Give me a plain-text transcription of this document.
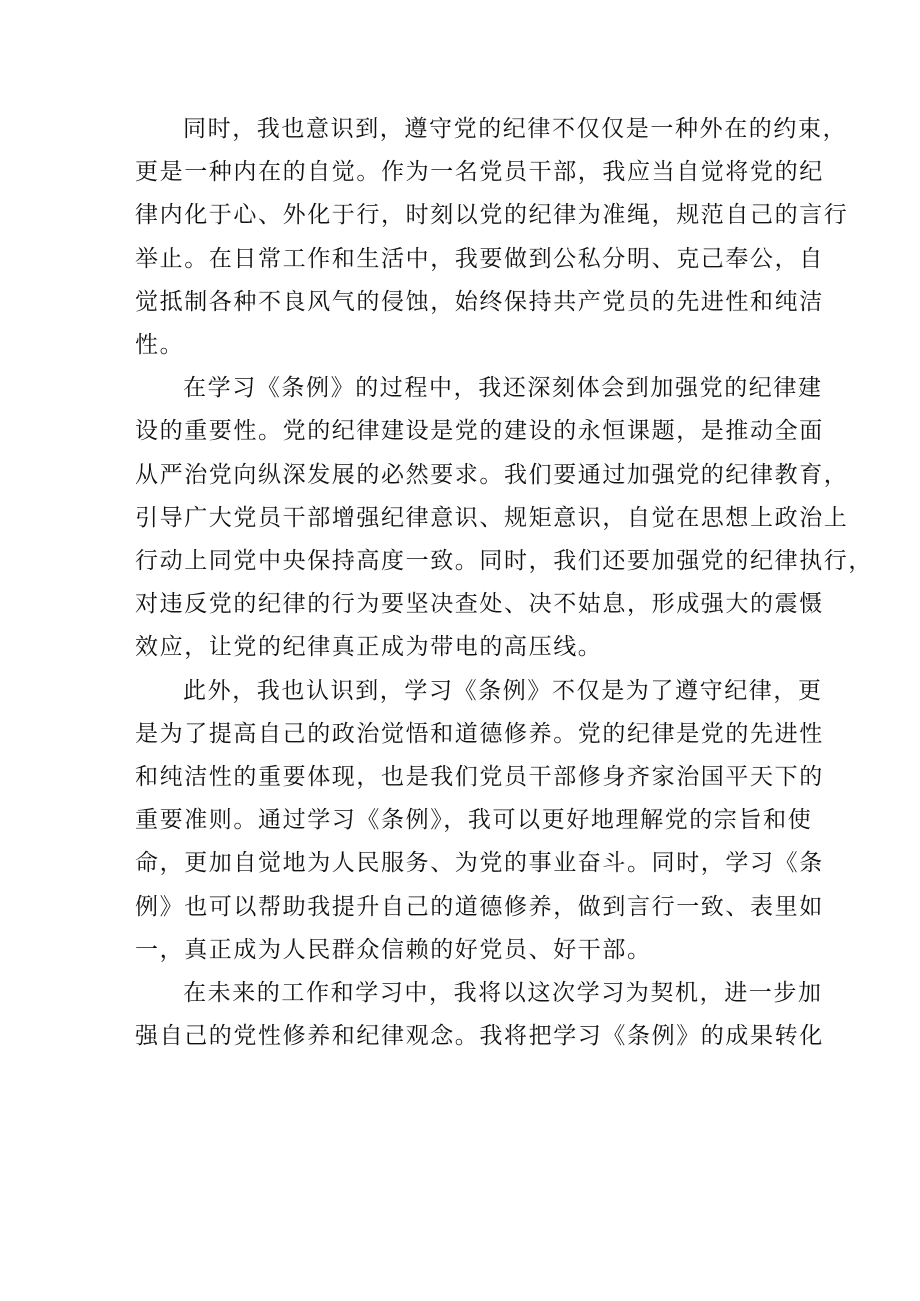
同时，我也意识到，遵守党的纪律不仅仅是一种外在的约束，
更是一种内在的自觉。作为一名党员干部，我应当自觉将党的纪
律内化于心、外化于行，时刻以党的纪律为准绳，规范自己的言行
举止。在日常工作和生活中，我要做到公私分明、克己奉公，自
觉抵制各种不良风气的侵蚀，始终保持共产党员的先进性和纯洁
性。
在学习《条例》的过程中，我还深刻体会到加强党的纪律建
设的重要性。党的纪律建设是党的建设的永恒课题，是推动全面
从严治党向纵深发展的必然要求。我们要通过加强党的纪律教育，
引导广大党员干部增强纪律意识、规矩意识，自觉在思想上政治上
行动上同党中央保持高度一致。同时，我们还要加强党的纪律执行，
对违反党的纪律的行为要坚决查处、决不姑息，形成强大的震慑
效应，让党的纪律真正成为带电的高压线。
此外，我也认识到，学习《条例》不仅是为了遵守纪律，更
是为了提高自己的政治觉悟和道德修养。党的纪律是党的先进性
和纯洁性的重要体现，也是我们党员干部修身齐家治国平天下的
重要准则。通过学习《条例》，我可以更好地理解党的宗旨和使
命，更加自觉地为人民服务、为党的事业奋斗。同时，学习《条
例》也可以帮助我提升自己的道德修养，做到言行一致、表里如
一，真正成为人民群众信赖的好党员、好干部。
在未来的工作和学习中，我将以这次学习为契机，进一步加
强自己的党性修养和纪律观念。我将把学习《条例》的成果转化
